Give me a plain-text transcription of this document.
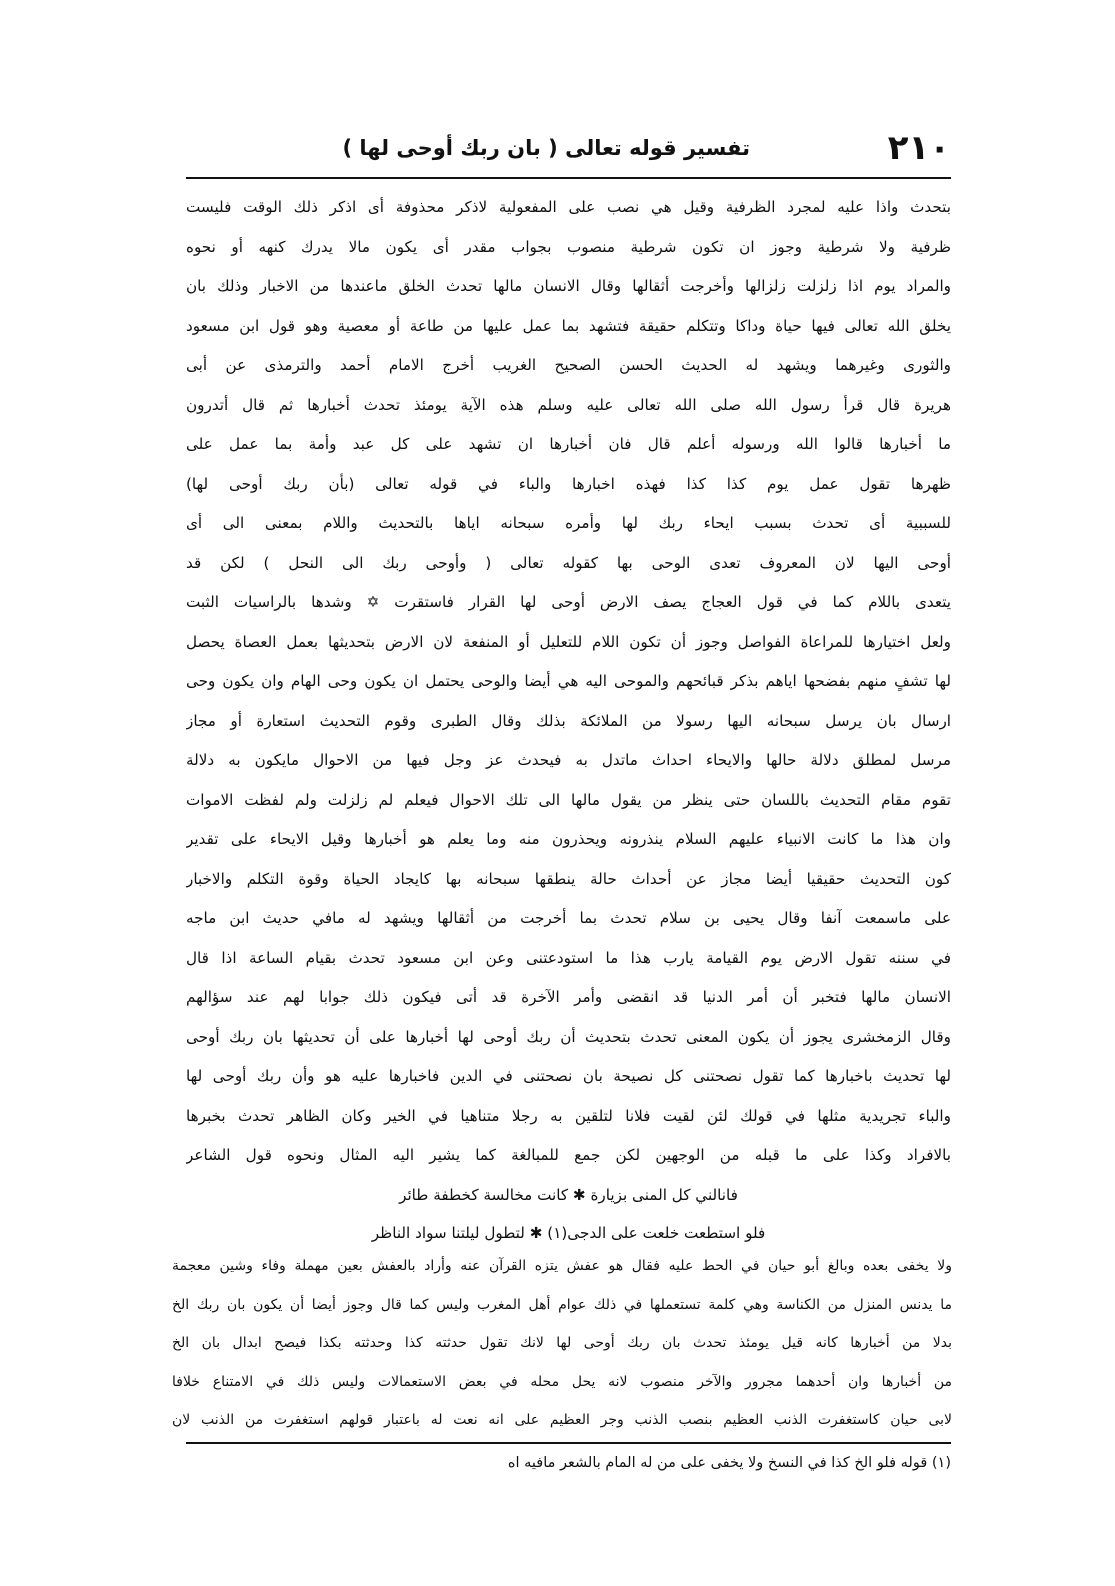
٢١٠
تفسير قوله تعالى ( بان ربك أوحى لها )
بتحدث واذا عليه لمجرد الظرفية وقيل هي نصب على المفعولية لاذكر محذوفة أى اذكر ذلك الوقت فليست
ظرفية ولا شرطية وجوز ان تكون شرطية منصوب بجواب مقدر أى يكون مالا يدرك كنهه أو نحوه
والمراد يوم اذا زلزلت زلزالها وأخرجت أثقالها وقال الانسان مالها تحدث الخلق ماعندها من الاخبار وذلك بان
يخلق الله تعالى فيها حياة وداكا وتتكلم حقيقة فتشهد بما عمل عليها من طاعة أو معصية وهو قول ابن مسعود
والثورى وغيرهما ويشهد له الحديث الحسن الصحيح الغريب أخرج الامام أحمد والترمذى عن أبى
هريرة قال قرأ رسول الله صلى الله تعالى عليه وسلم هذه الآية يومئذ تحدث أخبارها ثم قال أتدرون
ما أخبارها قالوا الله ورسوله أعلم قال فان أخبارها ان تشهد على كل عبد وأمة بما عمل على
ظهرها تقول عمل يوم كذا كذا فهذه اخبارها والباء في قوله تعالى (بأن ربك أوحى لها)
للسببية أى تحدث بسبب ايحاء ربك لها وأمره سبحانه اياها بالتحديث واللام بمعنى الى أى
أوحى اليها لان المعروف تعدى الوحى بها كقوله تعالى ( وأوحى ربك الى النحل ) لكن قد
يتعدى باللام كما في قول العجاج يصف الارض أوحى لها القرار فاستقرت ✡ وشدها بالراسيات الثبت
ولعل اختيارها للمراعاة الفواصل وجوز أن تكون اللام للتعليل أو المنفعة لان الارض بتحديثها بعمل العصاة يحصل
لها تشفٍ منهم بفضحها اياهم بذكر قبائحهم والموحى اليه هي أيضا والوحى يحتمل ان يكون وحى الهام وان يكون وحى
ارسال بان يرسل سبحانه اليها رسولا من الملائكة بذلك وقال الطبرى وقوم التحديث استعارة أو مجاز
مرسل لمطلق دلالة حالها والايحاء احداث ماتدل به فيحدث عز وجل فيها من الاحوال مايكون به دلالة
تقوم مقام التحديث باللسان حتى ينظر من يقول مالها الى تلك الاحوال فيعلم لم زلزلت ولم لفظت الاموات
وان هذا ما كانت الانبياء عليهم السلام ينذرونه ويحذرون منه وما يعلم هو أخبارها وقيل الايحاء على تقدير
كون التحديث حقيقيا أيضا مجاز عن أحداث حالة ينطقها سبحانه بها كايجاد الحياة وقوة التكلم والاخبار
على ماسمعت آنفا وقال يحيى بن سلام تحدث بما أخرجت من أثقالها ويشهد له مافي حديث ابن ماجه
في سننه تقول الارض يوم القيامة يارب هذا ما استودعتنى وعن ابن مسعود تحدث بقيام الساعة اذا قال
الانسان مالها فتخبر أن أمر الدنيا قد انقضى وأمر الآخرة قد أتى فيكون ذلك جوابا لهم عند سؤالهم
وقال الزمخشرى يجوز أن يكون المعنى تحدث بتحديث أن ربك أوحى لها أخبارها على أن تحديثها بان ربك أوحى
لها تحديث باخبارها كما تقول نصحتنى كل نصيحة بان نصحتنى في الدين فاخبارها عليه هو وأن ربك أوحى لها
والباء تجريدية مثلها في قولك لئن لقيت فلانا لتلقين به رجلا متناهيا في الخير وكان الظاهر تحدث بخبرها
بالافراد وكذا على ما قبله من الوجهين لكن جمع للمبالغة كما يشير اليه المثال ونحوه قول الشاعر
فانالني كل المنى بزيارة ✱ كانت مخالسة كخطفة طائر
فلو استطعت خلعت على الدجى(١) ✱ لتطول ليلتنا سواد الناظر
ولا يخفى بعده وبالغ أبو حيان في الحط عليه فقال هو عفش يتزه القرآن عنه وأراد بالعفش بعين مهملة وفاء وشين معجمة
ما يدنس المنزل من الكناسة وهي كلمة تستعملها في ذلك عوام أهل المغرب وليس كما قال وجوز أيضا أن يكون بان ربك الخ
بدلا من أخبارها كانه قيل يومئذ تحدث بان ربك أوحى لها لانك تقول حدثته كذا وحدثته بكذا فيصح ابدال بان الخ
من أخبارها وان أحدهما مجرور والآخر منصوب لانه يحل محله في بعض الاستعمالات وليس ذلك في الامتناع خلافا
لابى حيان كاستغفرت الذنب العظيم بنصب الذنب وجر العظيم على انه نعت له باعتبار قولهم استغفرت من الذنب لان
(١) قوله فلو الخ كذا في النسخ ولا يخفى على من له المام بالشعر مافيه اه
